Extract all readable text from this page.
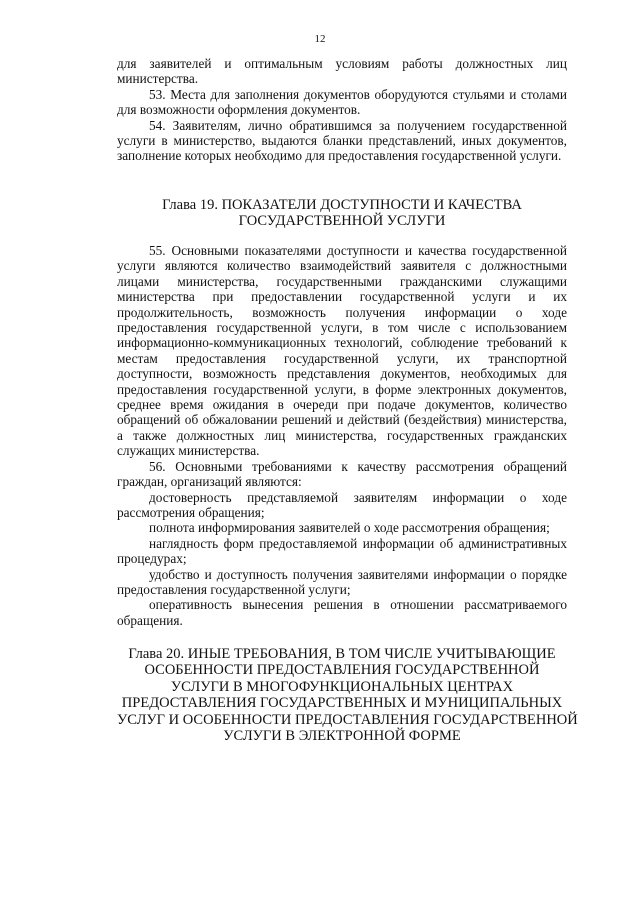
12

для заявителей и оптимальным условиям работы должностных лиц министерства.

53. Места для заполнения документов оборудуются стульями и столами для возможности оформления документов.

54. Заявителям, лично обратившимся за получением государственной услуги в министерство, выдаются бланки представлений, иных документов, заполнение которых необходимо для предоставления государственной услуги.

Глава 19. ПОКАЗАТЕЛИ ДОСТУПНОСТИ И КАЧЕСТВА
ГОСУДАРСТВЕННОЙ УСЛУГИ

55. Основными показателями доступности и качества государственной услуги являются количество взаимодействий заявителя с должностными лицами министерства, государственными гражданскими служащими министерства при предоставлении государственной услуги и их продолжительность, возможность получения информации о ходе предоставления государственной услуги, в том числе с использованием информационно-коммуникационных технологий, соблюдение требований к местам предоставления государственной услуги, их транспортной доступности, возможность представления документов, необходимых для предоставления государственной услуги, в форме электронных документов, среднее время ожидания в очереди при подаче документов, количество обращений об обжаловании решений и действий (бездействия) министерства, а также должностных лиц министерства, государственных гражданских служащих министерства.

56. Основными требованиями к качеству рассмотрения обращений граждан, организаций являются:

достоверность представляемой заявителям информации о ходе рассмотрения обращения;

полнота информирования заявителей о ходе рассмотрения обращения;

наглядность форм предоставляемой информации об административных процедурах;

удобство и доступность получения заявителями информации о порядке предоставления государственной услуги;

оперативность вынесения решения в отношении рассматриваемого обращения.

Глава 20. ИНЫЕ ТРЕБОВАНИЯ, В ТОМ ЧИСЛЕ УЧИТЫВАЮЩИЕ
ОСОБЕННОСТИ ПРЕДОСТАВЛЕНИЯ ГОСУДАРСТВЕННОЙ
УСЛУГИ В МНОГОФУНКЦИОНАЛЬНЫХ ЦЕНТРАХ
ПРЕДОСТАВЛЕНИЯ ГОСУДАРСТВЕННЫХ И МУНИЦИПАЛЬНЫХ
УСЛУГ И ОСОБЕННОСТИ ПРЕДОСТАВЛЕНИЯ ГОСУДАРСТВЕННОЙ
УСЛУГИ В ЭЛЕКТРОННОЙ ФОРМЕ
